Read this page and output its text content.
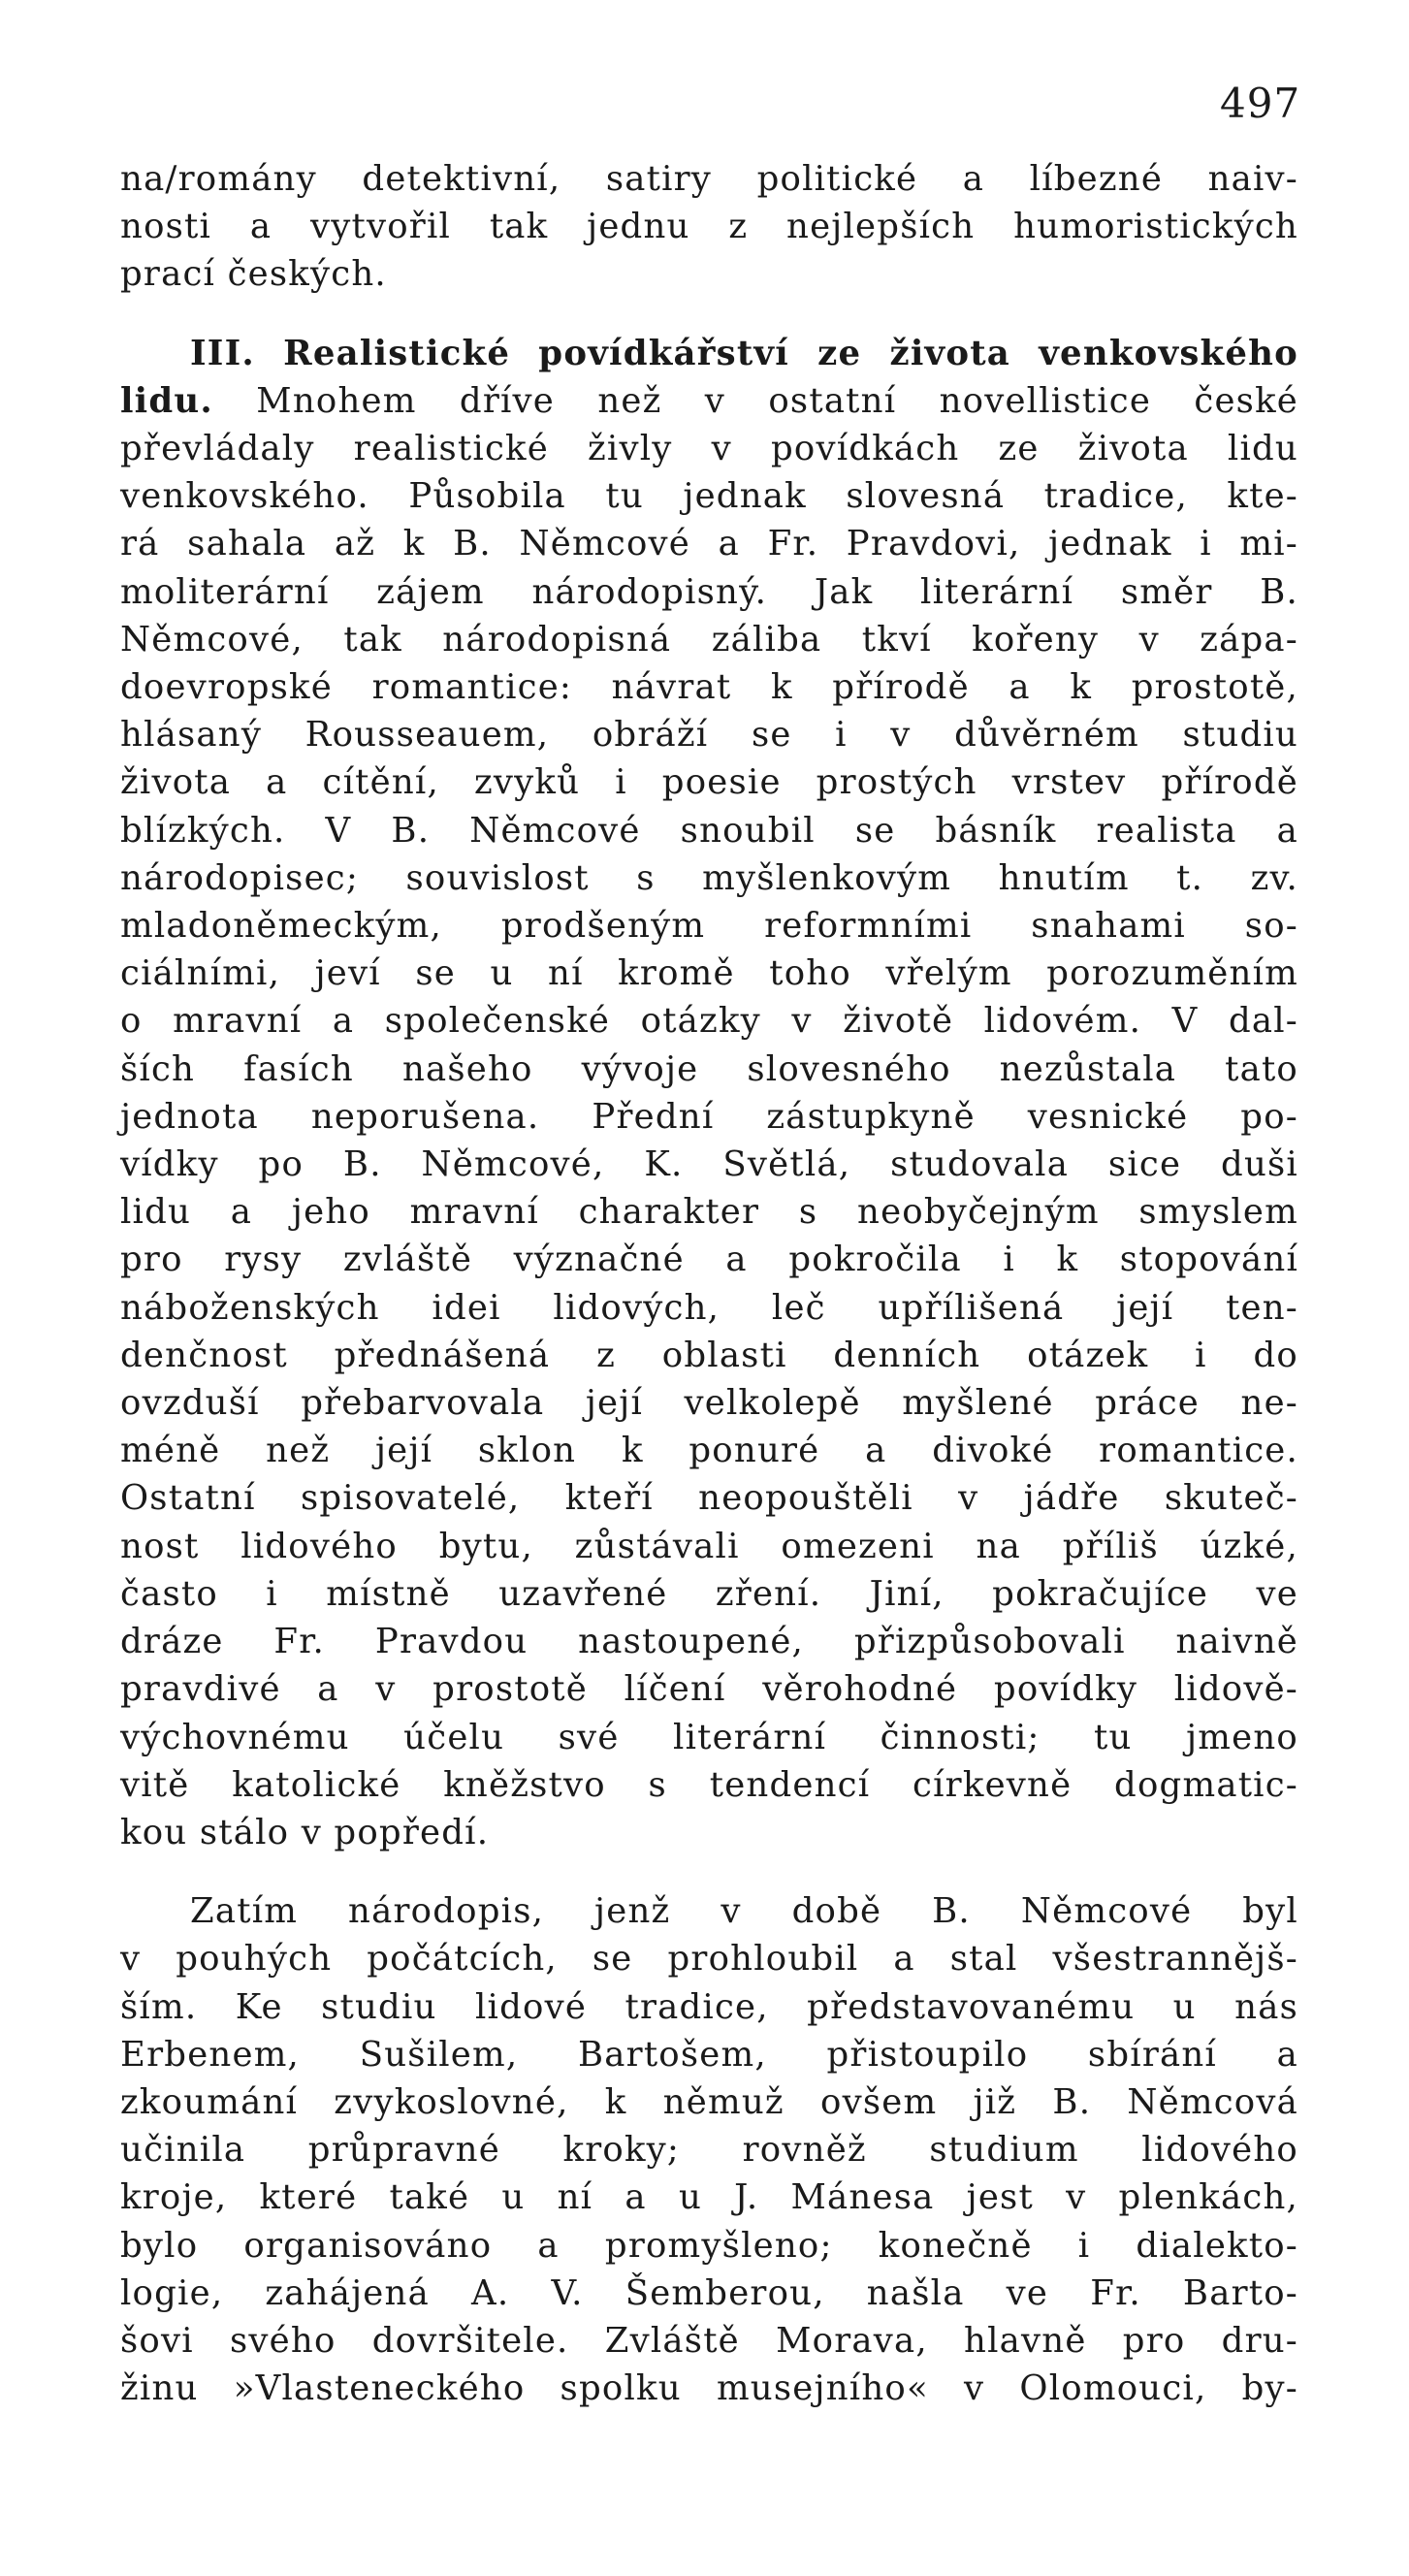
497
na/romány detektivní, satiry politické a líbezné naiv-
nosti a vytvořil tak jednu z nejlepších humoristických
prací českých.
III. Realistické povídkářství ze života venkovského
lidu. Mnohem dříve než v ostatní novellistice české
převládaly realistické živly v povídkách ze života lidu
venkovského. Působila tu jednak slovesná tradice, kte-
rá sahala až k B. Němcové a Fr. Pravdovi, jednak i mi-
moliterární zájem národopisný. Jak literární směr B.
Němcové, tak národopisná záliba tkví kořeny v zápa-
doevropské romantice: návrat k přírodě a k prostotě,
hlásaný Rousseauem, obráží se i v důvěrném studiu
života a cítění, zvyků i poesie prostých vrstev přírodě
blízkých. V B. Němcové snoubil se básník realista a
národopisec; souvislost s myšlenkovým hnutím t. zv.
mladoněmeckým, prodšeným reformními snahami so-
ciálními, jeví se u ní kromě toho vřelým porozuměním
o mravní a společenské otázky v životě lidovém. V dal-
ších fasích našeho vývoje slovesného nezůstala tato
jednota neporušena. Přední zástupkyně vesnické po-
vídky po B. Němcové, K. Světlá, studovala sice duši
lidu a jeho mravní charakter s neobyčejným smyslem
pro rysy zvláště význačné a pokročila i k stopování
náboženských idei lidových, leč upřílišená její ten-
denčnost přednášená z oblasti denních otázek i do
ovzduší přebarvovala její velkolepě myšlené práce ne-
méně než její sklon k ponuré a divoké romantice.
Ostatní spisovatelé, kteří neopouštěli v jádře skuteč-
nost lidového bytu, zůstávali omezeni na příliš úzké,
často i místně uzavřené zření. Jiní, pokračujíce ve
dráze Fr. Pravdou nastoupené, přizpůsobovali naivně
pravdivé a v prostotě líčení věrohodné povídky lidově-
výchovnému účelu své literární činnosti; tu jmeno
vitě katolické kněžstvo s tendencí církevně dogmatic-
kou stálo v popředí.
Zatím národopis, jenž v době B. Němcové byl
v pouhých počátcích, se prohloubil a stal všestrannějš-
ším. Ke studiu lidové tradice, představovanému u nás
Erbenem, Sušilem, Bartošem, přistoupilo sbírání a
zkoumání zvykoslovné, k němuž ovšem již B. Němcová
učinila průpravné kroky; rovněž studium lidového
kroje, které také u ní a u J. Mánesa jest v plenkách,
bylo organisováno a promyšleno; konečně i dialekto-
logie, zahájená A. V. Šemberou, našla ve Fr. Barto-
šovi svého dovršitele. Zvláště Morava, hlavně pro dru-
žinu »Vlasteneckého spolku musejního« v Olomouci, by-
